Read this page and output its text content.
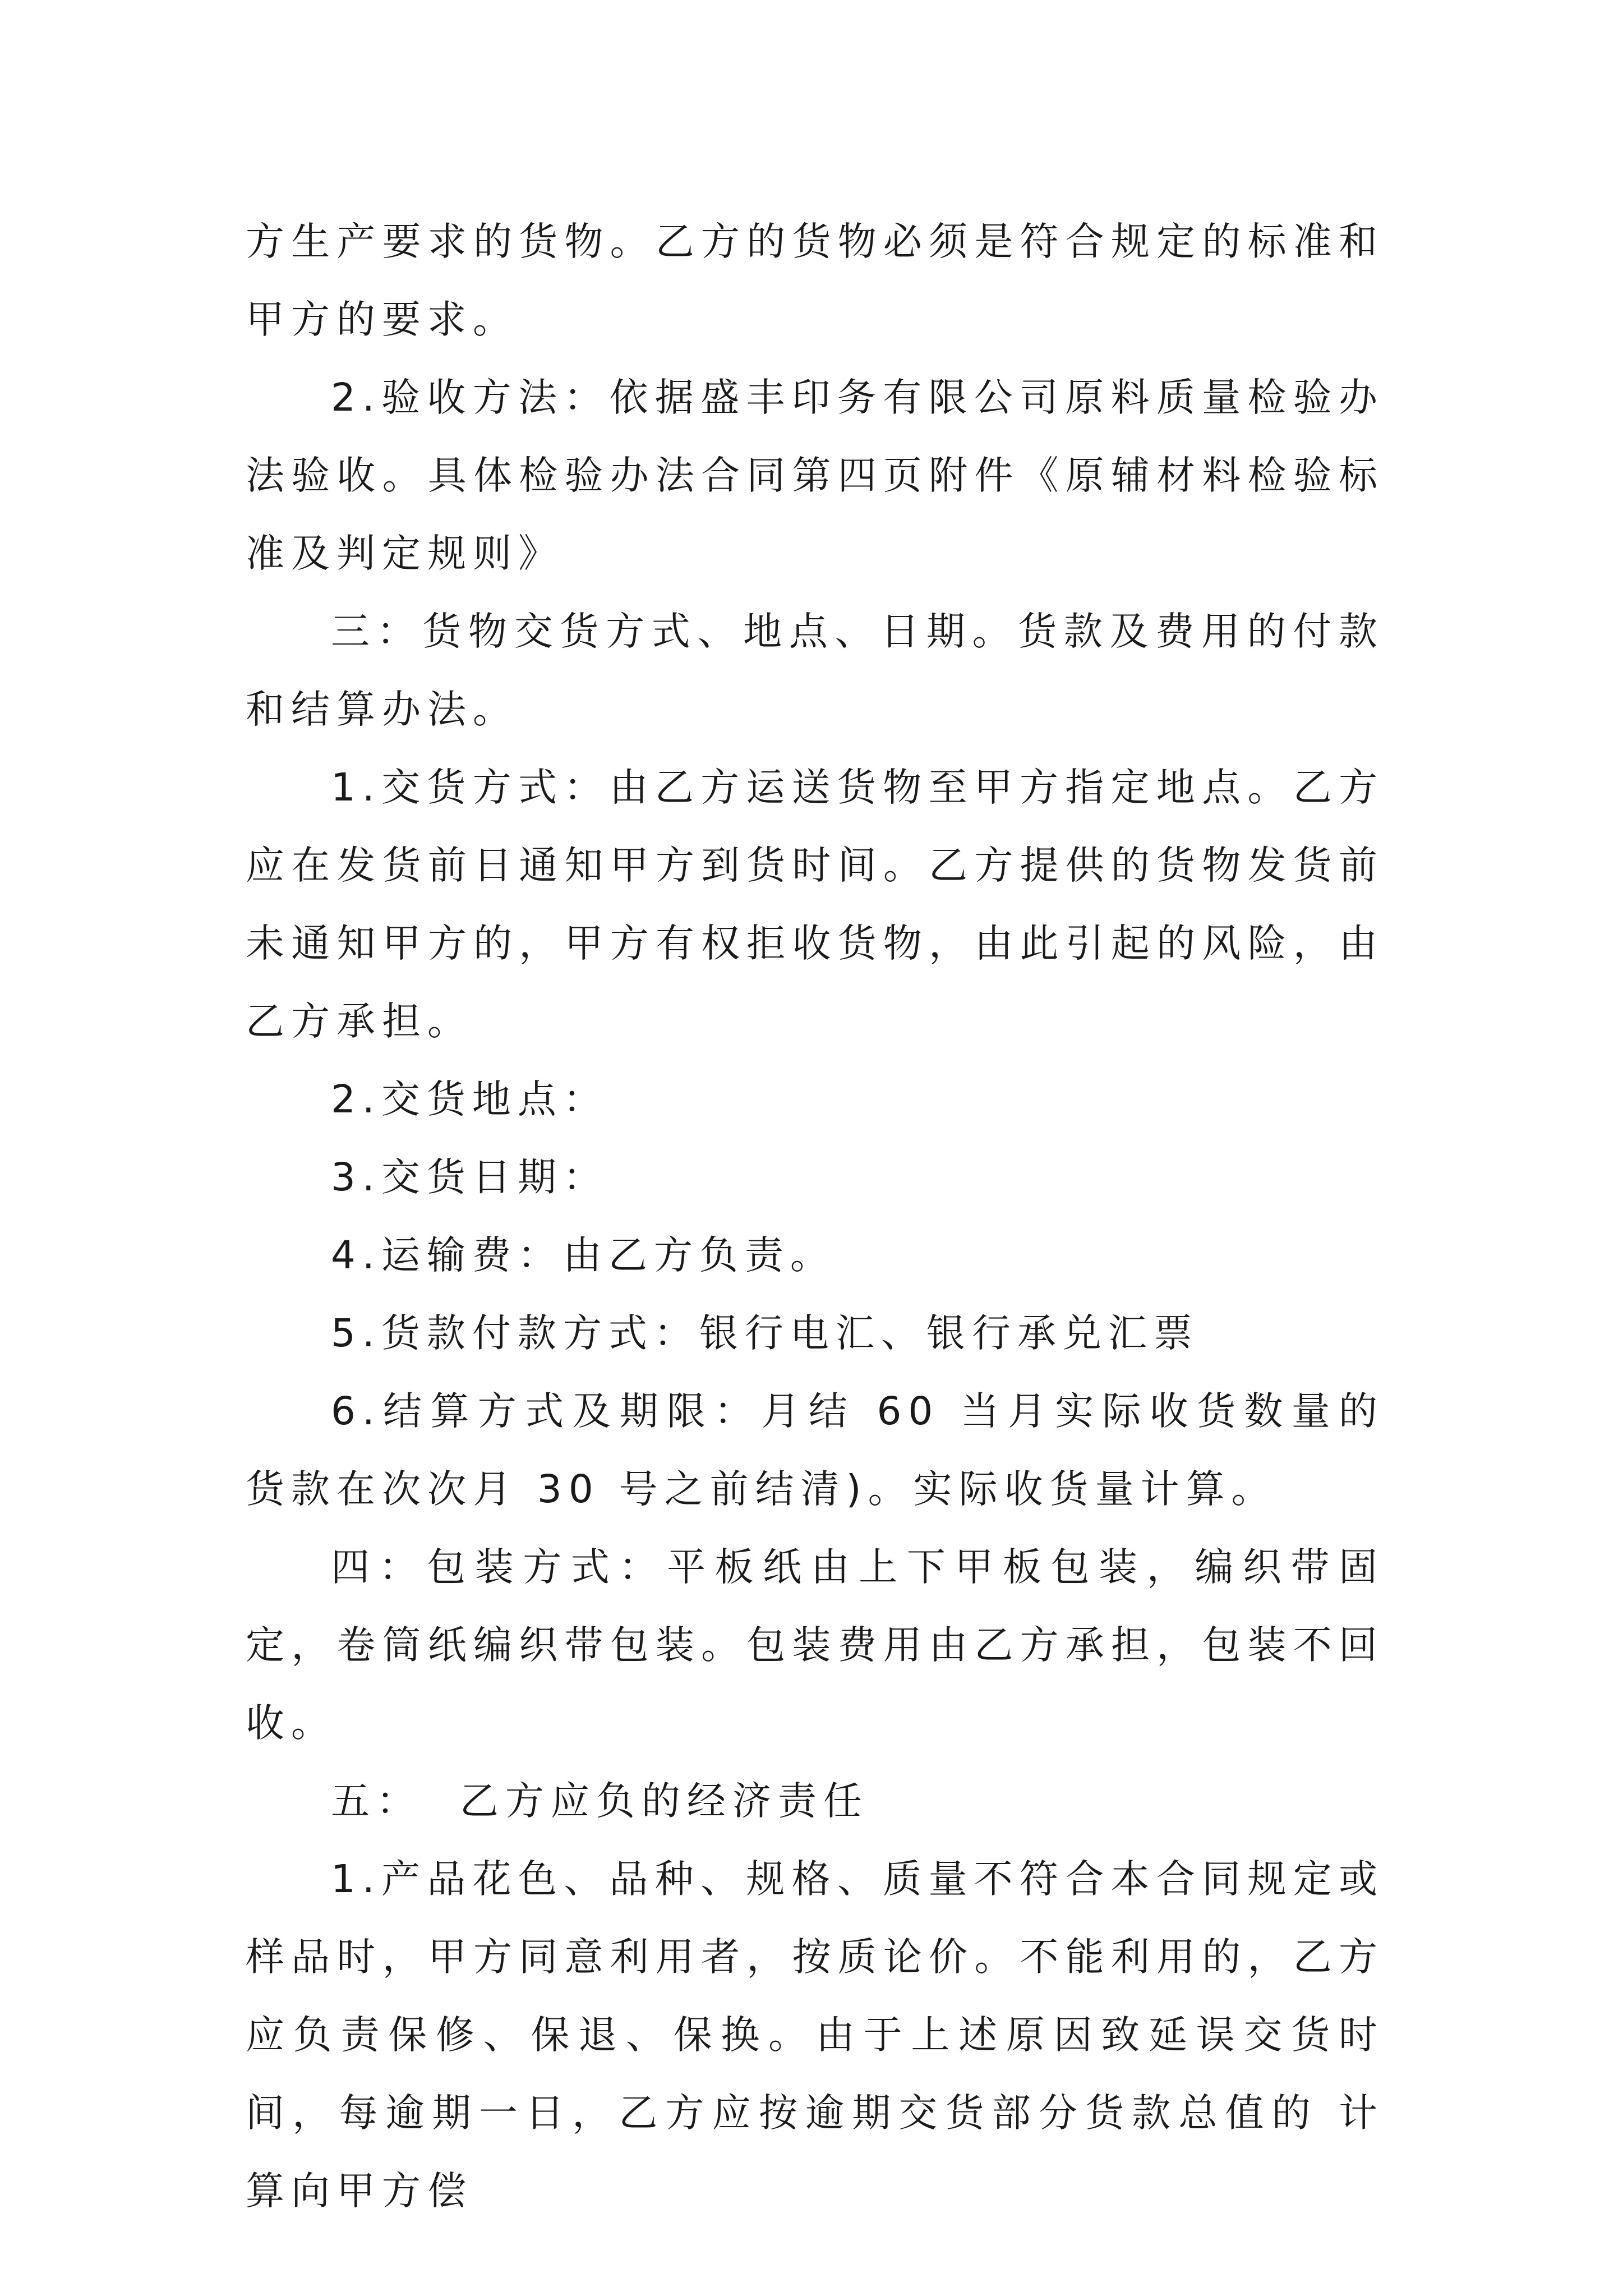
方生产要求的货物。乙方的货物必须是符合规定的标准和甲方的要求。

2.验收方法：依据盛丰印务有限公司原料质量检验办法验收。具体检验办法合同第四页附件《原辅材料检验标准及判定规则》

三：货物交货方式、地点、日期。货款及费用的付款和结算办法。

1.交货方式：由乙方运送货物至甲方指定地点。乙方应在发货前日通知甲方到货时间。乙方提供的货物发货前未通知甲方的，甲方有权拒收货物，由此引起的风险，由乙方承担。

2.交货地点：

3.交货日期：

4.运输费：由乙方负责。

5.货款付款方式：银行电汇、银行承兑汇票

6.结算方式及期限：月结 60 当月实际收货数量的货款在次次月 30 号之前结清)。实际收货量计算。

四：包装方式：平板纸由上下甲板包装，编织带固定，卷筒纸编织带包装。包装费用由乙方承担，包装不回收。

五：  乙方应负的经济责任

1.产品花色、品种、规格、质量不符合本合同规定或样品时，甲方同意利用者，按质论价。不能利用的，乙方应负责保修、保退、保换。由于上述原因致延误交货时间，每逾期一日，乙方应按逾期交货部分货款总值的 计算向甲方偿
